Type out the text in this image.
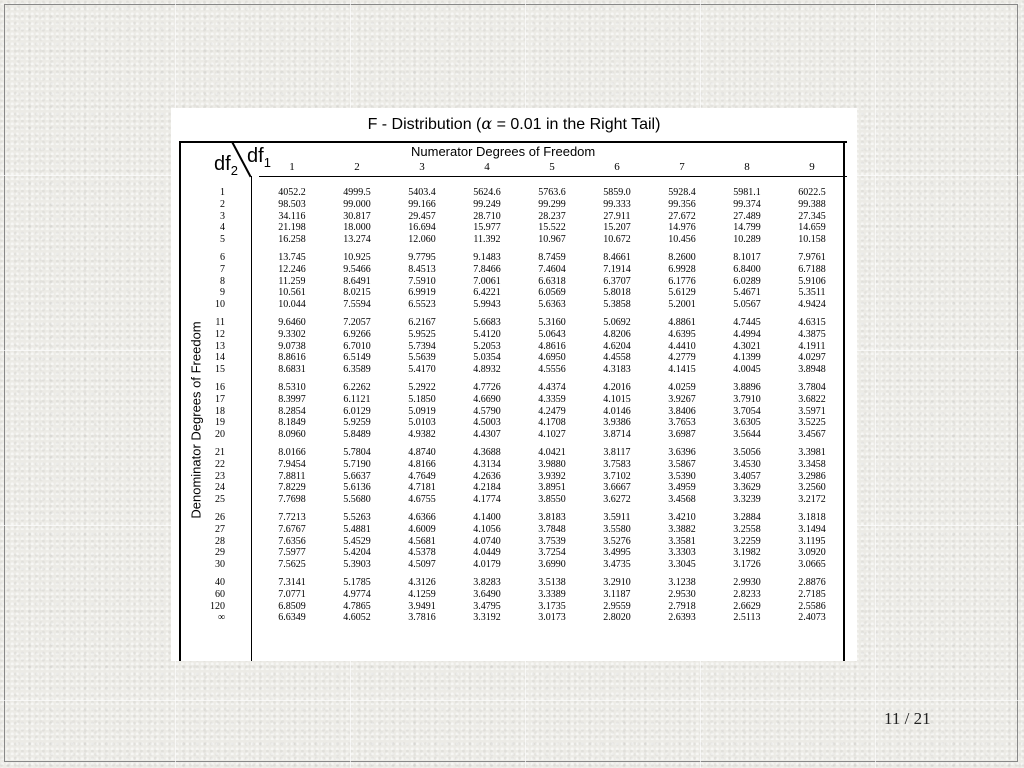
F - Distribution (α = 0.01 in the Right Tail)
$df_2$
$df_1$
Numerator Degrees of Freedom
Denominator Degrees of Freedom
1	2	3	4	5	6	7	8	9
1	4052.2	4999.5	5403.4	5624.6	5763.6	5859.0	5928.4	5981.1	6022.5
2	98.503	99.000	99.166	99.249	99.299	99.333	99.356	99.374	99.388
3	34.116	30.817	29.457	28.710	28.237	27.911	27.672	27.489	27.345
4	21.198	18.000	16.694	15.977	15.522	15.207	14.976	14.799	14.659
5	16.258	13.274	12.060	11.392	10.967	10.672	10.456	10.289	10.158
6	13.745	10.925	9.7795	9.1483	8.7459	8.4661	8.2600	8.1017	7.9761
7	12.246	9.5466	8.4513	7.8466	7.4604	7.1914	6.9928	6.8400	6.7188
8	11.259	8.6491	7.5910	7.0061	6.6318	6.3707	6.1776	6.0289	5.9106
9	10.561	8.0215	6.9919	6.4221	6.0569	5.8018	5.6129	5.4671	5.3511
10	10.044	7.5594	6.5523	5.9943	5.6363	5.3858	5.2001	5.0567	4.9424
11	9.6460	7.2057	6.2167	5.6683	5.3160	5.0692	4.8861	4.7445	4.6315
12	9.3302	6.9266	5.9525	5.4120	5.0643	4.8206	4.6395	4.4994	4.3875
13	9.0738	6.7010	5.7394	5.2053	4.8616	4.6204	4.4410	4.3021	4.1911
14	8.8616	6.5149	5.5639	5.0354	4.6950	4.4558	4.2779	4.1399	4.0297
15	8.6831	6.3589	5.4170	4.8932	4.5556	4.3183	4.1415	4.0045	3.8948
16	8.5310	6.2262	5.2922	4.7726	4.4374	4.2016	4.0259	3.8896	3.7804
17	8.3997	6.1121	5.1850	4.6690	4.3359	4.1015	3.9267	3.7910	3.6822
18	8.2854	6.0129	5.0919	4.5790	4.2479	4.0146	3.8406	3.7054	3.5971
19	8.1849	5.9259	5.0103	4.5003	4.1708	3.9386	3.7653	3.6305	3.5225
20	8.0960	5.8489	4.9382	4.4307	4.1027	3.8714	3.6987	3.5644	3.4567
21	8.0166	5.7804	4.8740	4.3688	4.0421	3.8117	3.6396	3.5056	3.3981
22	7.9454	5.7190	4.8166	4.3134	3.9880	3.7583	3.5867	3.4530	3.3458
23	7.8811	5.6637	4.7649	4.2636	3.9392	3.7102	3.5390	3.4057	3.2986
24	7.8229	5.6136	4.7181	4.2184	3.8951	3.6667	3.4959	3.3629	3.2560
25	7.7698	5.5680	4.6755	4.1774	3.8550	3.6272	3.4568	3.3239	3.2172
26	7.7213	5.5263	4.6366	4.1400	3.8183	3.5911	3.4210	3.2884	3.1818
27	7.6767	5.4881	4.6009	4.1056	3.7848	3.5580	3.3882	3.2558	3.1494
28	7.6356	5.4529	4.5681	4.0740	3.7539	3.5276	3.3581	3.2259	3.1195
29	7.5977	5.4204	4.5378	4.0449	3.7254	3.4995	3.3303	3.1982	3.0920
30	7.5625	5.3903	4.5097	4.0179	3.6990	3.4735	3.3045	3.1726	3.0665
40	7.3141	5.1785	4.3126	3.8283	3.5138	3.2910	3.1238	2.9930	2.8876
60	7.0771	4.9774	4.1259	3.6490	3.3389	3.1187	2.9530	2.8233	2.7185
120	6.8509	4.7865	3.9491	3.4795	3.1735	2.9559	2.7918	2.6629	2.5586
∞	6.6349	4.6052	3.7816	3.3192	3.0173	2.8020	2.6393	2.5113	2.4073
11 / 21
